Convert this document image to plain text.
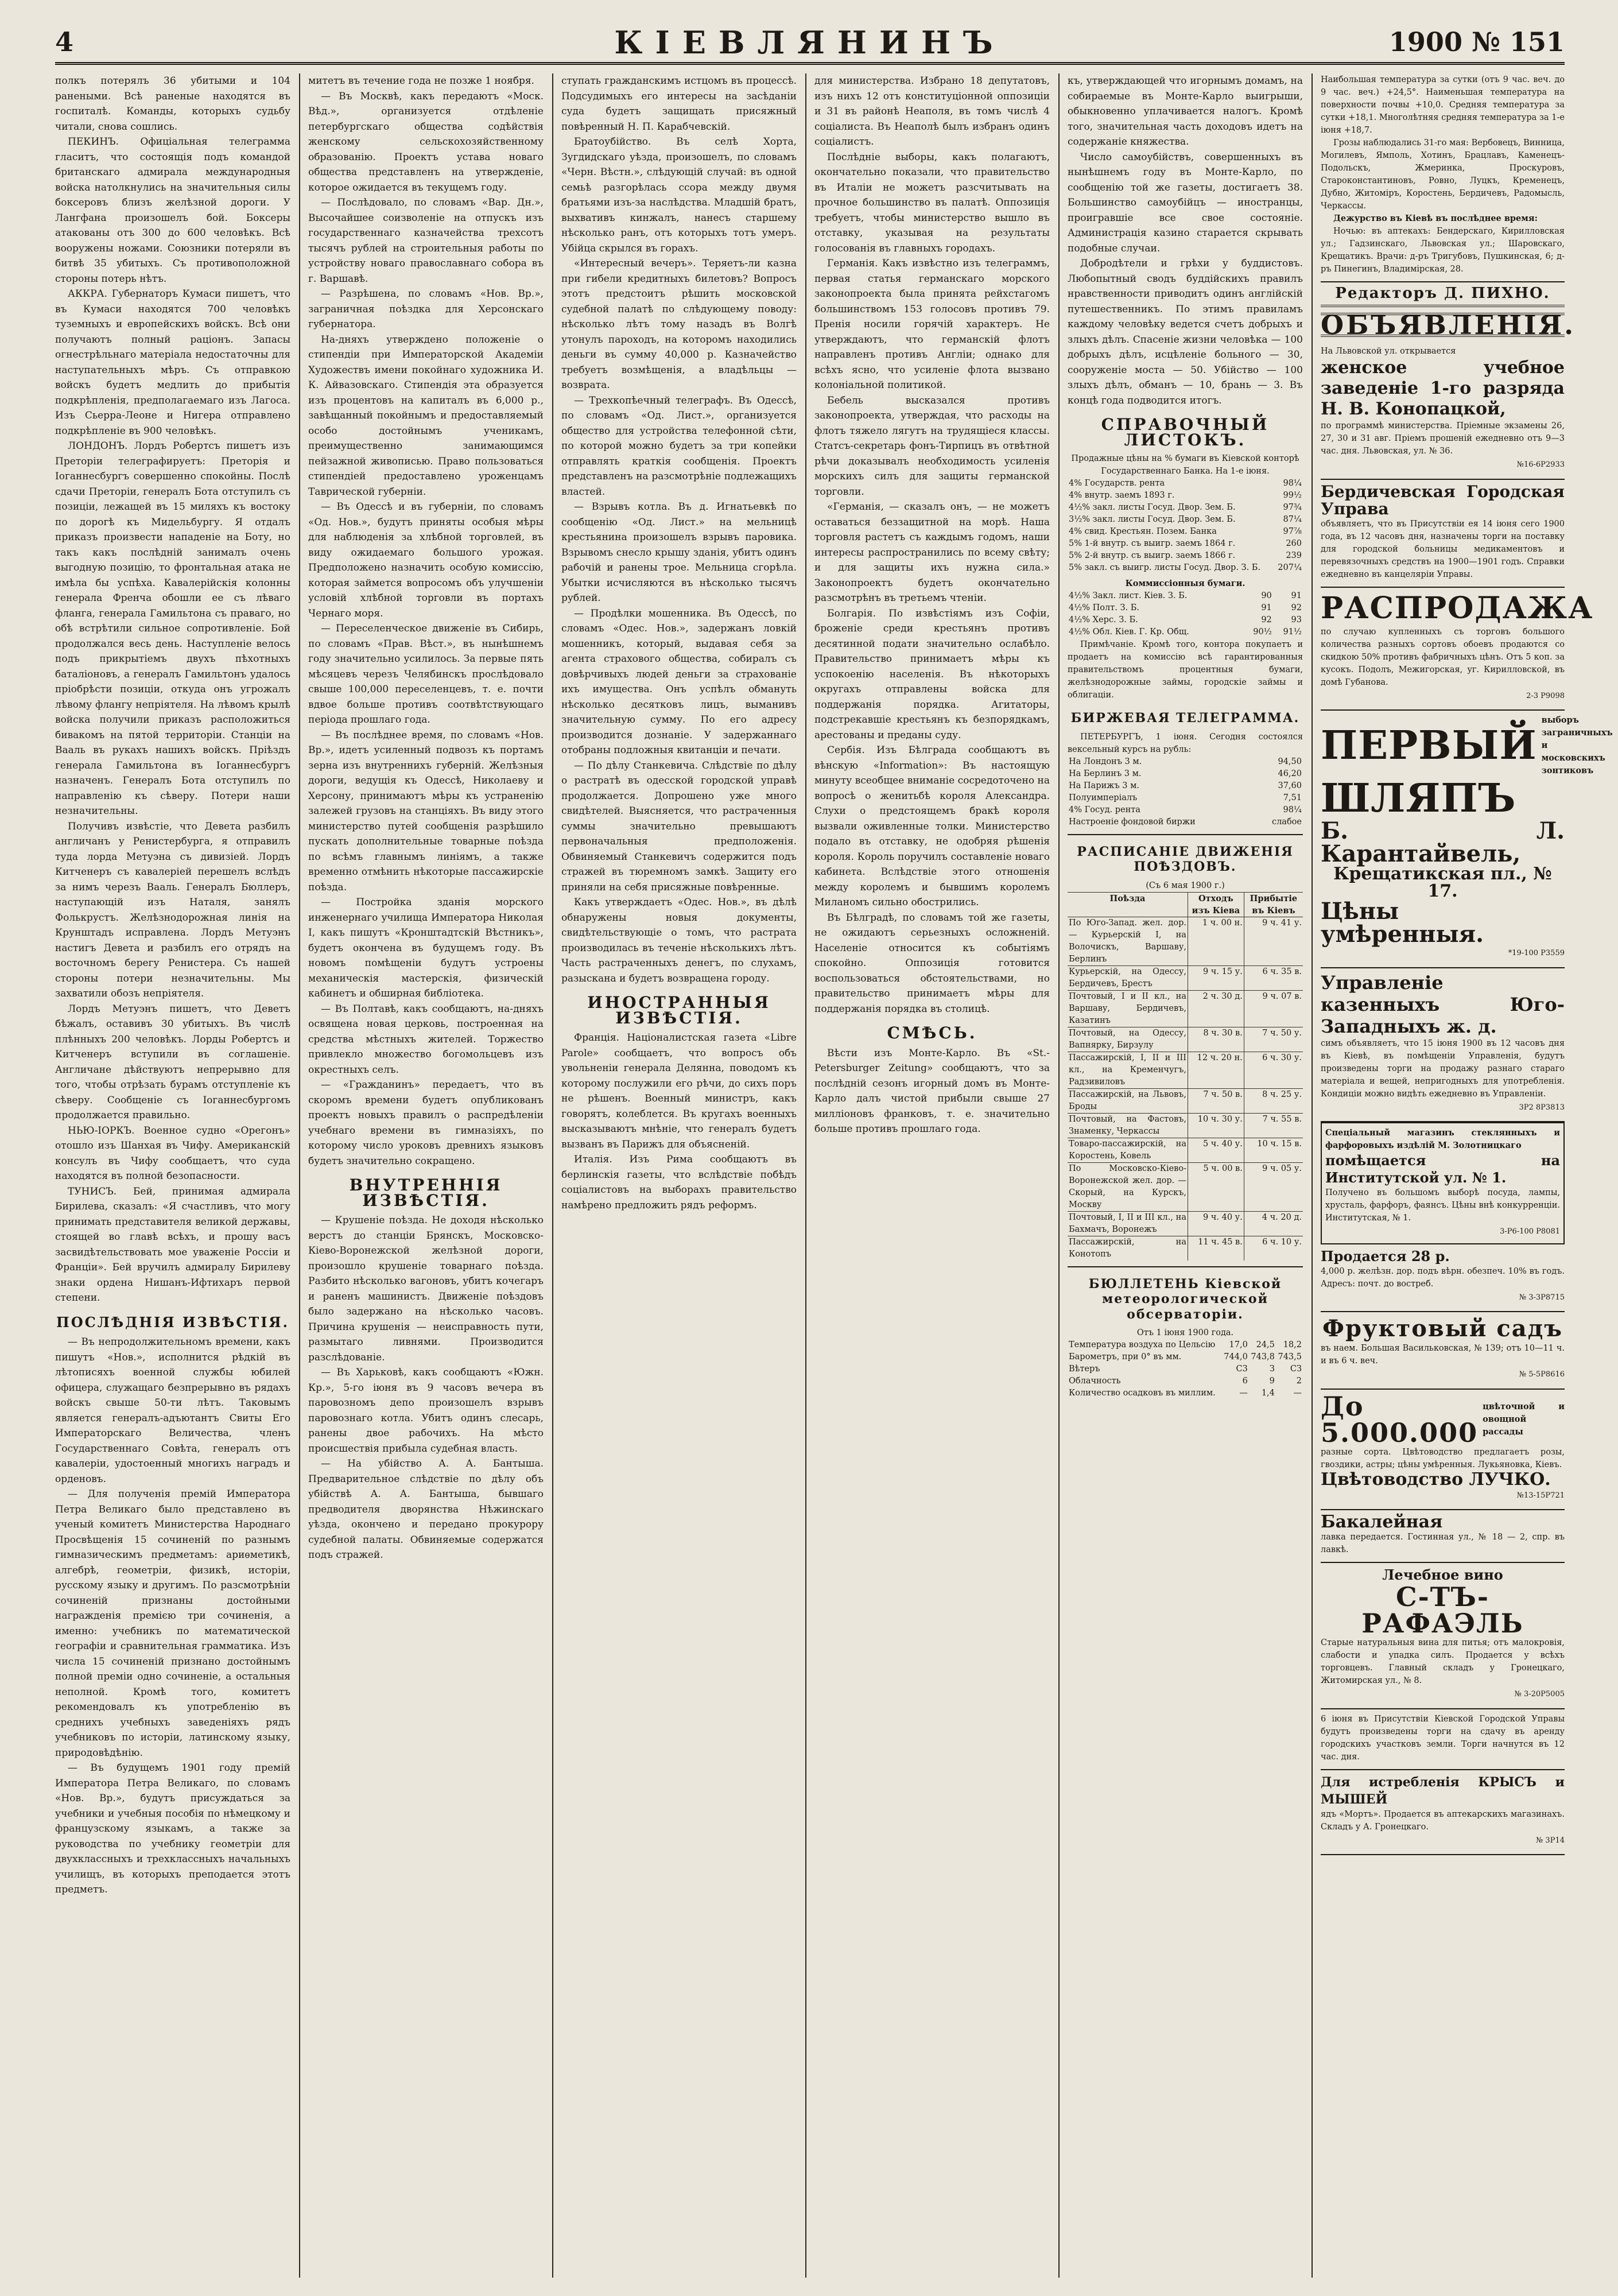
4	КІЕВЛЯНИНЪ	1900 № 151

полкъ потерялъ 36 убитыми и 104 ранеными. Всѣ раненые находятся въ госпиталѣ. Команды, которыхъ судьбу читали, снова сошлись.

ПЕКИНЪ. Офиціальная телеграмма гласитъ, что состоящія подъ командой британскаго адмирала международныя войска натолкнулись на значительныя силы боксеровъ близъ желѣзной дороги. У Лангфана произошелъ бой. Боксеры атакованы отъ 300 до 600 человѣкъ. Всѣ вооружены ножами. Союзники потеряли въ битвѣ 35 убитыхъ. Съ противоположной стороны потерь нѣтъ.

АККРА. Губернаторъ Кумаси пишетъ, что въ Кумаси находятся 700 человѣкъ туземныхъ и европейскихъ войскъ. Всѣ они получаютъ полный раціонъ. Запасы огнестрѣльнаго матеріала недостаточны для наступательныхъ мѣръ. Съ отправкою войскъ будетъ медлить до прибытія подкрѣпленія, предполагаемаго изъ Лагоса. Изъ Сьерра-Леоне и Нигера отправлено подкрѣпленіе въ 900 человѣкъ.

ЛОНДОНЪ. Лордъ Робертсъ пишетъ изъ Преторіи телеграфируетъ: Преторія и Іоганнесбургъ совершенно спокойны. Послѣ сдачи Преторіи, генералъ Бота отступилъ съ позиціи, лежащей въ 15 миляхъ къ востоку по дорогѣ къ Мидельбургу. Я отдалъ приказъ произвести нападеніе на Боту, но такъ какъ послѣдній занималъ очень выгодную позицію, то фронтальная атака не имѣла бы успѣха. Кавалерійскія колонны генерала Френча обошли ее съ лѣваго фланга, генерала Гамильтона съ праваго, но обѣ встрѣтили сильное сопротивленіе. Бой продолжался весь день. Наступленіе велось подъ прикрытіемъ двухъ пѣхотныхъ баталіоновъ, а генералъ Гамильтонъ удалось пріобрѣсти позиціи, откуда онъ угрожалъ лѣвому флангу непріятеля. На лѣвомъ крылѣ войска получили приказъ расположиться бивакомъ на пятой территоріи. Станціи на Вааль въ рукахъ нашихъ войскъ. Пріѣздъ генерала Гамильтона въ Іоганнесбургъ назначенъ. Генералъ Бота отступилъ по направленію къ сѣверу. Потери наши незначительны.

Получивъ извѣстіе, что Девета разбилъ англичанъ у Ренистербурга, я отправилъ туда лорда Метуэна съ дивизіей. Лордъ Китченеръ съ кавалеріей перешелъ вслѣдъ за нимъ черезъ Вааль. Генералъ Бюллеръ, наступающій изъ Наталя, занялъ Фолькрустъ. Желѣзнодорожная линія на Крунштадъ исправлена. Лордъ Метуэнъ настигъ Девета и разбилъ его отрядъ на восточномъ берегу Ренистера. Съ нашей стороны потери незначительны. Мы захватили обозъ непріятеля.

Лордъ Метуэнъ пишетъ, что Деветъ бѣжалъ, оставивъ 30 убитыхъ. Въ числѣ плѣнныхъ 200 человѣкъ. Лорды Робертсъ и Китченеръ вступили въ соглашеніе. Англичане дѣйствуютъ непрерывно для того, чтобы отрѣзать бурамъ отступленіе къ сѣверу. Сообщеніе съ Іоганнесбургомъ продолжается правильно.

НЬЮ-ІОРКЪ. Военное судно «Орегонъ» отошло изъ Шанхая въ Чифу. Американскій консулъ въ Чифу сообщаетъ, что суда находятся въ полной безопасности.

ТУНИСЪ. Бей, принимая адмирала Бирилева, сказалъ: «Я счастливъ, что могу принимать представителя великой державы, стоящей во главѣ всѣхъ, и прошу васъ засвидѣтельствовать мое уваженіе Россіи и Франціи». Бей вручилъ адмиралу Бирилеву знаки ордена Нишанъ-Ифтихаръ первой степени.

ПОСЛѢДНІЯ ИЗВѢСТІЯ.

— Въ непродолжительномъ времени, какъ пишутъ «Нов.», исполнится рѣдкій въ лѣтописяхъ военной службы юбилей офицера, служащаго безпрерывно въ рядахъ войскъ свыше 50-ти лѣтъ. Таковымъ является генералъ-адъютантъ Свиты Его Императорскаго Величества, членъ Государственнаго Совѣта, генералъ отъ кавалеріи, удостоенный многихъ наградъ и орденовъ.

— Для полученія премій Императора Петра Великаго было представлено въ ученый комитетъ Министерства Народнаго Просвѣщенія 15 сочиненій по разнымъ гимназическимъ предметамъ: ариѳметикѣ, алгебрѣ, геометріи, физикѣ, исторіи, русскому языку и другимъ. По разсмотрѣніи сочиненій признаны достойными награжденія премією три сочиненія, а именно: учебникъ по математической географіи и сравнительная грамматика. Изъ числа 15 сочиненій признано достойнымъ полной преміи одно сочиненіе, а остальныя неполной. Кромѣ того, комитетъ рекомендовалъ къ употребленію въ среднихъ учебныхъ заведеніяхъ рядъ учебниковъ по исторіи, латинскому языку, природовѣдѣнію.

— Въ будущемъ 1901 году премій Императора Петра Великаго, по словамъ «Нов. Вр.», будутъ присуждаться за учебники и учебныя пособія по нѣмецкому и французскому языкамъ, а также за руководства по учебнику геометріи для двухклассныхъ и трехклассныхъ начальныхъ училищъ, въ которыхъ преподается этотъ предметъ.

митетъ въ течение года не позже 1 ноября.

— Въ Москвѣ, какъ передаютъ «Моск. Вѣд.», организуется отдѣленіе петербургскаго общества содѣйствія женскому сельскохозяйственному образованію. Проектъ устава новаго общества представленъ на утвержденіе, которое ожидается въ текущемъ году.

— Послѣдовало, по словамъ «Вар. Дн.», Высочайшее соизволеніе на отпускъ изъ государственнаго казначейства трехсотъ тысячъ рублей на строительныя работы по устройству новаго православнаго собора въ г. Варшавѣ.

— Разрѣшена, по словамъ «Нов. Вр.», заграничная поѣздка для Херсонскаго губернатора.

На-дняхъ утверждено положеніе о стипендіи при Императорской Академіи Художествъ имени покойнаго художника И. К. Айвазовскаго. Стипендія эта образуется изъ процентовъ на капиталъ въ 6,000 р., завѣщанный покойнымъ и предоставляемый особо достойнымъ ученикамъ, преимущественно занимающимся пейзажной живописью. Право пользоваться стипендіей предоставлено уроженцамъ Таврической губерніи.

— Въ Одессѣ и въ губерніи, по словамъ «Од. Нов.», будутъ приняты особыя мѣры для наблюденія за хлѣбной торговлей, въ виду ожидаемаго большого урожая. Предположено назначить особую комиссію, которая займется вопросомъ объ улучшеніи условій хлѣбной торговли въ портахъ Чернаго моря.

— Переселенческое движеніе въ Сибирь, по словамъ «Прав. Вѣст.», въ нынѣшнемъ году значительно усилилось. За первые пять мѣсяцевъ черезъ Челябинскъ прослѣдовало свыше 100,000 переселенцевъ, т. е. почти вдвое больше противъ соотвѣтствующаго періода прошлаго года.

— Въ послѣднее время, по словамъ «Нов. Вр.», идетъ усиленный подвозъ къ портамъ зерна изъ внутреннихъ губерній. Желѣзныя дороги, ведущія къ Одессѣ, Николаеву и Херсону, принимаютъ мѣры къ устраненію залежей грузовъ на станціяхъ. Въ виду этого министерство путей сообщенія разрѣшило пускать дополнительные товарные поѣзда по всѣмъ главнымъ линіямъ, а также временно отмѣнить нѣкоторые пассажирскіе поѣзда.

— Постройка зданія морского инженернаго училища Императора Николая I, какъ пишутъ «Кронштадтскій Вѣстникъ», будетъ окончена въ будущемъ году. Въ новомъ помѣщеніи будутъ устроены механическія мастерскія, физическій кабинетъ и обширная библіотека.

— Въ Полтавѣ, какъ сообщаютъ, на-дняхъ освящена новая церковь, построенная на средства мѣстныхъ жителей. Торжество привлекло множество богомольцевъ изъ окрестныхъ селъ.

— «Гражданинъ» передаетъ, что въ скоромъ времени будетъ опубликованъ проектъ новыхъ правилъ о распредѣленіи учебнаго времени въ гимназіяхъ, по которому число уроковъ древнихъ языковъ будетъ значительно сокращено.

ВНУТРЕННІЯ ИЗВѢСТІЯ.

— Крушеніе поѣзда. Не доходя нѣсколько верстъ до станціи Брянскъ, Московско-Кіево-Воронежской желѣзной дороги, произошло крушеніе товарнаго поѣзда. Разбито нѣсколько вагоновъ, убитъ кочегаръ и раненъ машинистъ. Движеніе поѣздовъ было задержано на нѣсколько часовъ. Причина крушенія — неисправность пути, размытаго ливнями. Производится разслѣдованіе.

— Въ Харьковѣ, какъ сообщаютъ «Южн. Кр.», 5-го іюня въ 9 часовъ вечера въ паровозномъ депо произошелъ взрывъ паровознаго котла. Убитъ одинъ слесарь, ранены двое рабочихъ. На мѣсто происшествія прибыла судебная власть.

— На убійство А. А. Бантыша. Предварительное слѣдствіе по дѣлу объ убійствѣ А. А. Бантыша, бывшаго предводителя дворянства Нѣжинскаго уѣзда, окончено и передано прокурору судебной палаты. Обвиняемые содержатся подъ стражей.

ступать гражданскимъ истцомъ въ процессѣ. Подсудимыхъ его интересы на засѣданіи суда будетъ защищать присяжный повѣренный Н. П. Карабчевскій.

Братоубійство. Въ селѣ Хорта, Зугдидскаго уѣзда, произошелъ, по словамъ «Черн. Вѣстн.», слѣдующій случай: въ одной семьѣ разгорѣлась ссора между двумя братьями изъ-за наслѣдства. Младшій братъ, выхвативъ кинжалъ, нанесъ старшему нѣсколько ранъ, отъ которыхъ тотъ умеръ. Убійца скрылся въ горахъ.

«Интересный вечеръ». Теряетъ-ли казна при гибели кредитныхъ билетовъ? Вопросъ этотъ предстоитъ рѣшить московской судебной палатѣ по слѣдующему поводу: нѣсколько лѣтъ тому назадъ въ Волгѣ утонулъ пароходъ, на которомъ находились деньги въ сумму 40,000 р. Казначейство требуетъ возмѣщенія, а владѣльцы — возврата.

— Трехкопѣечный телеграфъ. Въ Одессѣ, по словамъ «Од. Лист.», организуется общество для устройства телефонной сѣти, по которой можно будетъ за три копейки отправлять краткія сообщенія. Проектъ представленъ на разсмотрѣніе подлежащихъ властей.

— Взрывъ котла. Въ д. Игнатьевкѣ по сообщенію «Од. Лист.» на мельницѣ крестьянина произошелъ взрывъ паровика. Взрывомъ снесло крышу зданія, убитъ одинъ рабочій и ранены трое. Мельница сгорѣла. Убытки исчисляются въ нѣсколько тысячъ рублей.

— Продѣлки мошенника. Въ Одессѣ, по словамъ «Одес. Нов.», задержанъ ловкій мошенникъ, который, выдавая себя за агента страхового общества, собиралъ съ довѣрчивыхъ людей деньги за страхованіе ихъ имущества. Онъ успѣлъ обмануть нѣсколько десятковъ лицъ, выманивъ значительную сумму. По его адресу производится дознаніе. У задержаннаго отобраны подложныя квитанціи и печати.

— По дѣлу Станкевича. Слѣдствіе по дѣлу о растратѣ въ одесской городской управѣ продолжается. Допрошено уже много свидѣтелей. Выясняется, что растраченныя суммы значительно превышаютъ первоначальныя предположенія. Обвиняемый Станкевичъ содержится подъ стражей въ тюремномъ замкѣ. Защиту его приняли на себя присяжные повѣренные.

Какъ утверждаетъ «Одес. Нов.», въ дѣлѣ обнаружены новыя документы, свидѣтельствующіе о томъ, что растрата производилась въ теченіе нѣсколькихъ лѣтъ. Часть растраченныхъ денегъ, по слухамъ, разыскана и будетъ возвращена городу.

ИНОСТРАННЫЯ ИЗВѢСТІЯ.

Франція. Націоналистская газета «Libre Parole» сообщаетъ, что вопросъ объ увольненіи генерала Делянна, поводомъ къ которому послужили его рѣчи, до сихъ поръ не рѣшенъ. Военный министръ, какъ говорятъ, колеблется. Въ кругахъ военныхъ высказываютъ мнѣніе, что генералъ будетъ вызванъ въ Парижъ для объясненій.

Италія. Изъ Рима сообщаютъ въ берлинскія газеты, что вслѣдствіе побѣдъ соціалистовъ на выборахъ правительство намѣрено предложить рядъ реформъ.

для министерства. Избрано 18 депутатовъ, изъ нихъ 12 отъ конституціонной оппозиціи и 31 въ районѣ Неаполя, въ томъ числѣ 4 соціалиста. Въ Неаполѣ былъ избранъ одинъ соціалистъ.

Послѣдніе выборы, какъ полагаютъ, окончательно показали, что правительство въ Италіи не можетъ разсчитывать на прочное большинство въ палатѣ. Оппозиція требуетъ, чтобы министерство вышло въ отставку, указывая на результаты голосованія въ главныхъ городахъ.

Германія. Какъ извѣстно изъ телеграммъ, первая статья германскаго морского законопроекта была принята рейхстагомъ большинствомъ 153 голосовъ противъ 79. Пренія носили горячій характеръ. Не утверждаютъ, что германскій флотъ направленъ противъ Англіи; однако для всѣхъ ясно, что усиленіе флота вызвано колоніальной политикой.

Бебель высказался противъ законопроекта, утверждая, что расходы на флотъ тяжело лягутъ на трудящіеся классы. Статсъ-секретарь фонъ-Тирпицъ въ отвѣтной рѣчи доказывалъ необходимость усиленія морскихъ силъ для защиты германской торговли.

«Германія, — сказалъ онъ, — не можетъ оставаться беззащитной на морѣ. Наша торговля растетъ съ каждымъ годомъ, наши интересы распространились по всему свѣту; и для защиты ихъ нужна сила.» Законопроектъ будетъ окончательно разсмотрѣнъ въ третьемъ чтеніи.

Болгарія. По извѣстіямъ изъ Софіи, броженіе среди крестьянъ противъ десятинной подати значительно ослабѣло. Правительство принимаетъ мѣры къ успокоенію населенія. Въ нѣкоторыхъ округахъ отправлены войска для поддержанія порядка. Агитаторы, подстрекавшіе крестьянъ къ безпорядкамъ, арестованы и преданы суду.

Сербія. Изъ Бѣлграда сообщаютъ въ вѣнскую «Information»: Въ настоящую минуту всеобщее вниманіе сосредоточено на вопросѣ о женитьбѣ короля Александра. Слухи о предстоящемъ бракѣ короля вызвали оживленные толки. Министерство подало въ отставку, не одобряя рѣшенія короля. Король поручилъ составленіе новаго кабинета. Вслѣдствіе этого отношенія между королемъ и бывшимъ королемъ Миланомъ сильно обострились.

Въ Бѣлградѣ, по словамъ той же газеты, не ожидаютъ серьезныхъ осложненій. Населеніе относится къ событіямъ спокойно. Оппозиція готовится воспользоваться обстоятельствами, но правительство принимаетъ мѣры для поддержанія порядка въ столицѣ.

СМѢСЬ.

Вѣсти изъ Монте-Карло. Въ «St.-Petersburger Zeitung» сообщаютъ, что за послѣдній сезонъ игорный домъ въ Монте-Карло далъ чистой прибыли свыше 27 милліоновъ франковъ, т. е. значительно больше противъ прошлаго года.

къ, утверждающей что игорнымъ домамъ, на собираемые въ Монте-Карло выигрыши, обыкновенно уплачивается налогъ. Кромѣ того, значительная часть доходовъ идетъ на содержаніе княжества.

Число самоубійствъ, совершенныхъ въ нынѣшнемъ году въ Монте-Карло, по сообщенію той же газеты, достигаетъ 38. Большинство самоубійцъ — иностранцы, проигравшіе все свое состояніе. Администрація казино старается скрывать подобные случаи.

Добродѣтели и грѣхи у буддистовъ. Любопытный сводъ буддійскихъ правилъ нравственности приводитъ одинъ англійскій путешественникъ. По этимъ правиламъ каждому человѣку ведется счетъ добрыхъ и злыхъ дѣлъ. Спасеніе жизни человѣка — 100 добрыхъ дѣлъ, исцѣленіе больного — 30, сооруженіе моста — 50. Убійство — 100 злыхъ дѣлъ, обманъ — 10, брань — 3. Въ концѣ года подводится итогъ.

СПРАВОЧНЫЙ ЛИСТОКЪ.
Продажные цѣны на % бумаги въ Кіевской конторѣ Государственнаго Банка. На 1-е іюня.
4% Государств. рента	98¼
4% внутр. заемъ 1893 г.	99½
4½% закл. листы Госуд. Двор. Зем. Б.	97¾
3½% закл. листы Госуд. Двор. Зем. Б.	87¼
4% свид. Крестьян. Позем. Банка	97⅞
5% 1-й внутр. съ выигр. заемъ 1864 г.	260
5% 2-й внутр. съ выигр. заемъ 1866 г.	239
5% закл. съ выигр. листы Госуд. Двор. З. Б.	207¼
Коммиссіонныя бумаги.
4½% Закл. лист. Кіев. З. Б.	90	91
4½% Полт. З. Б.	91	92
4½% Херс. З. Б.	92	93
4½% Обл. Кіев. Г. Кр. Общ.	90½	91½

Примѣчаніе. Кромѣ того, контора покупаетъ и продаетъ на комиссію всѣ гарантированныя правительствомъ процентныя бумаги, желѣзнодорожные займы, городскіе займы и облигаціи.

БИРЖЕВАЯ ТЕЛЕГРАММА.

ПЕТЕРБУРГЪ, 1 іюня. Сегодня состоялся вексельный курсъ на рубль:

На Лондонъ 3 м.	94,50
На Берлинъ 3 м.	46,20
На Парижъ 3 м.	37,60
Полуимперіалъ	7,51
4% Госуд. рента	98¼
Настроеніе фондовой биржи	слабое
РАСПИСАНІЕ ДВИЖЕНІЯ ПОѢЗДОВЪ.
(Съ 6 мая 1900 г.)
Поѣзда	Отходъ изъ Кіева	Прибытіе въ Кіевъ
По Юго-Запад. жел. дор. — Курьерскій I, на Волочискъ, Варшаву, Берлинъ	1 ч. 00 н.	9 ч. 41 у.
Курьерскій, на Одессу, Бердичевъ, Брестъ	9 ч. 15 у.	6 ч. 35 в.
Почтовый, I и II кл., на Варшаву, Бердичевъ, Казатинъ	2 ч. 30 д.	9 ч. 07 в.
Почтовый, на Одессу, Вапнярку, Бирзулу	8 ч. 30 в.	7 ч. 50 у.
Пассажирскій, I, II и III кл., на Кременчугъ, Радзивиловъ	12 ч. 20 н.	6 ч. 30 у.
Пассажирскій, на Львовъ, Броды	7 ч. 50 в.	8 ч. 25 у.
Почтовый, на Фастовъ, Знаменку, Черкассы	10 ч. 30 у.	7 ч. 55 в.
Товаро-пассажирскій, на Коростень, Ковель	5 ч. 40 у.	10 ч. 15 в.
По Московско-Кіево-Воронежской жел. дор. — Скорый, на Курскъ, Москву	5 ч. 00 в.	9 ч. 05 у.
Почтовый, I, II и III кл., на Бахмачъ, Воронежъ	9 ч. 40 у.	4 ч. 20 д.
Пассажирскій, на Конотопъ	11 ч. 45 в.	6 ч. 10 у.
БЮЛЛЕТЕНЬ Кіевской метеорологической обсерваторіи.
Отъ 1 іюня 1900 года.
Температура воздуха по Цельсію	17,0	24,5	18,2
Барометръ, при 0° въ мм.	744,0	743,8	743,5
Вѣтеръ	С3	З	СЗ
Облачность	6	9	2
Количество осадковъ въ миллим.	—	1,4	—

Наибольшая температура за сутки (отъ 9 час. веч. до 9 час. веч.) +24,5°. Наименьшая температура на поверхности почвы +10,0. Средняя температура за сутки +18,1. Многолѣтняя средняя температура за 1-е іюня +18,7.

Грозы наблюдались 31-го мая: Вербовецъ, Винница, Могилевъ, Ямполь, Хотинъ, Брацлавъ, Каменецъ-Подольскъ, Жмеринка, Проскуровъ, Староконстантиновъ, Ровно, Луцкъ, Кременецъ, Дубно, Житоміръ, Коростень, Бердичевъ, Радомысль, Черкассы.

Дежурство въ Кіевѣ въ послѣднее время:

Ночью: въ аптекахъ: Бендерскаго, Кирилловская ул.; Гадзинскаго, Львовская ул.; Шаровскаго, Крещатикъ. Врачи: д-ръ Тригубовъ, Пушкинская, 6; д-ръ Пинегинъ, Владимірская, 28.

Редакторъ Д. ПИХНО.
ОБЪЯВЛЕНІЯ.
На Львовской ул. открывается
женское учебное заведеніе 1-го разряда Н. В. Конопацкой,
по программѣ министерства. Пріемные экзамены 26, 27, 30 и 31 авг. Пріемъ прошеній ежедневно отъ 9—3 час. дня. Львовская, ул. № 36.
№16-6Р2933
Бердичевская Городская Управа
объявляетъ, что въ Присутствіи ея 14 іюня сего 1900 года, въ 12 часовъ дня, назначены торги на поставку для городской больницы медикаментовъ и перевязочныхъ средствъ на 1900—1901 годъ. Справки ежедневно въ канцеляріи Управы.
РАСПРОДАЖА
по случаю купленныхъ съ торговъ большого количества разныхъ сортовъ обоевъ продаются со скидкою 50% противъ фабричныхъ цѣнъ. Отъ 5 коп. за кусокъ. Подолъ, Межигорская, уг. Кирилловской, въ домѣ Губанова.
2-3 Р9098
ПЕРВЫЙ
выборъ заграничныхъ и московскихъ зонтиковъ
ШЛЯПЪ
Б. Л. Карантайвель,
Крещатикская пл., № 17.
Цѣны умѣренныя.
*19-100 Р3559
Управленіе казенныхъ Юго-Западныхъ ж. д.
симъ объявляетъ, что 15 іюня 1900 въ 12 часовъ дня въ Кіевѣ, въ помѣщеніи Управленія, будутъ произведены торги на продажу разнаго стараго матеріала и вещей, непригодныхъ для употребленія. Кондиціи можно видѣть ежедневно въ Управленіи.
3Р2 8Р3813
Спеціальный магазинъ стеклянныхъ и фарфоровыхъ издѣлій М. Золотницкаго
помѣщается на Институтской ул. № 1.
Получено въ большомъ выборѣ посуда, лампы, хрусталь, фарфоръ, фаянсъ. Цѣны внѣ конкурренціи. Институтская, № 1.
3-Р6-100 Р8081
Продается 28 р.
4,000 р. желѣзн. дор. подъ вѣрн. обезпеч. 10% въ годъ. Адресъ: почт. до востреб.
№ 3-3Р8715
Фруктовый садъ
въ наем. Большая Васильковская, № 139; отъ 10—11 ч. и въ 6 ч. веч.
№ 5-5Р8616
До 5.000.000
цвѣточной и овощной рассады
разные сорта. Цвѣтоводство предлагаетъ розы, гвоздики, астры; цѣны умѣренныя. Лукьяновка, Кіевъ.
Цвѣтоводство ЛУЧКО.
№13-15Р721
Бакалейная
лавка передается. Гостинная ул., № 18 — 2, спр. въ лавкѣ.
Лечебное вино
С-ТЪ-РАФАЭЛЬ
Старые натуральныя вина для питья; отъ малокровія, слабости и упадка силъ. Продается у всѣхъ торговцевъ. Главный складъ у Гронецкаго, Житомирская ул., № 8.
№ 3-20Р5005
6 іюня въ Присутствіи Кіевской Городской Управы будутъ произведены торги на сдачу въ аренду городскихъ участковъ земли. Торги начнутся въ 12 час. дня.
Для истребленія КРЫСЪ и МЫШЕЙ
ядъ «Мортъ». Продается въ аптекарскихъ магазинахъ. Складъ у А. Гронецкаго.
№ 3Р14
